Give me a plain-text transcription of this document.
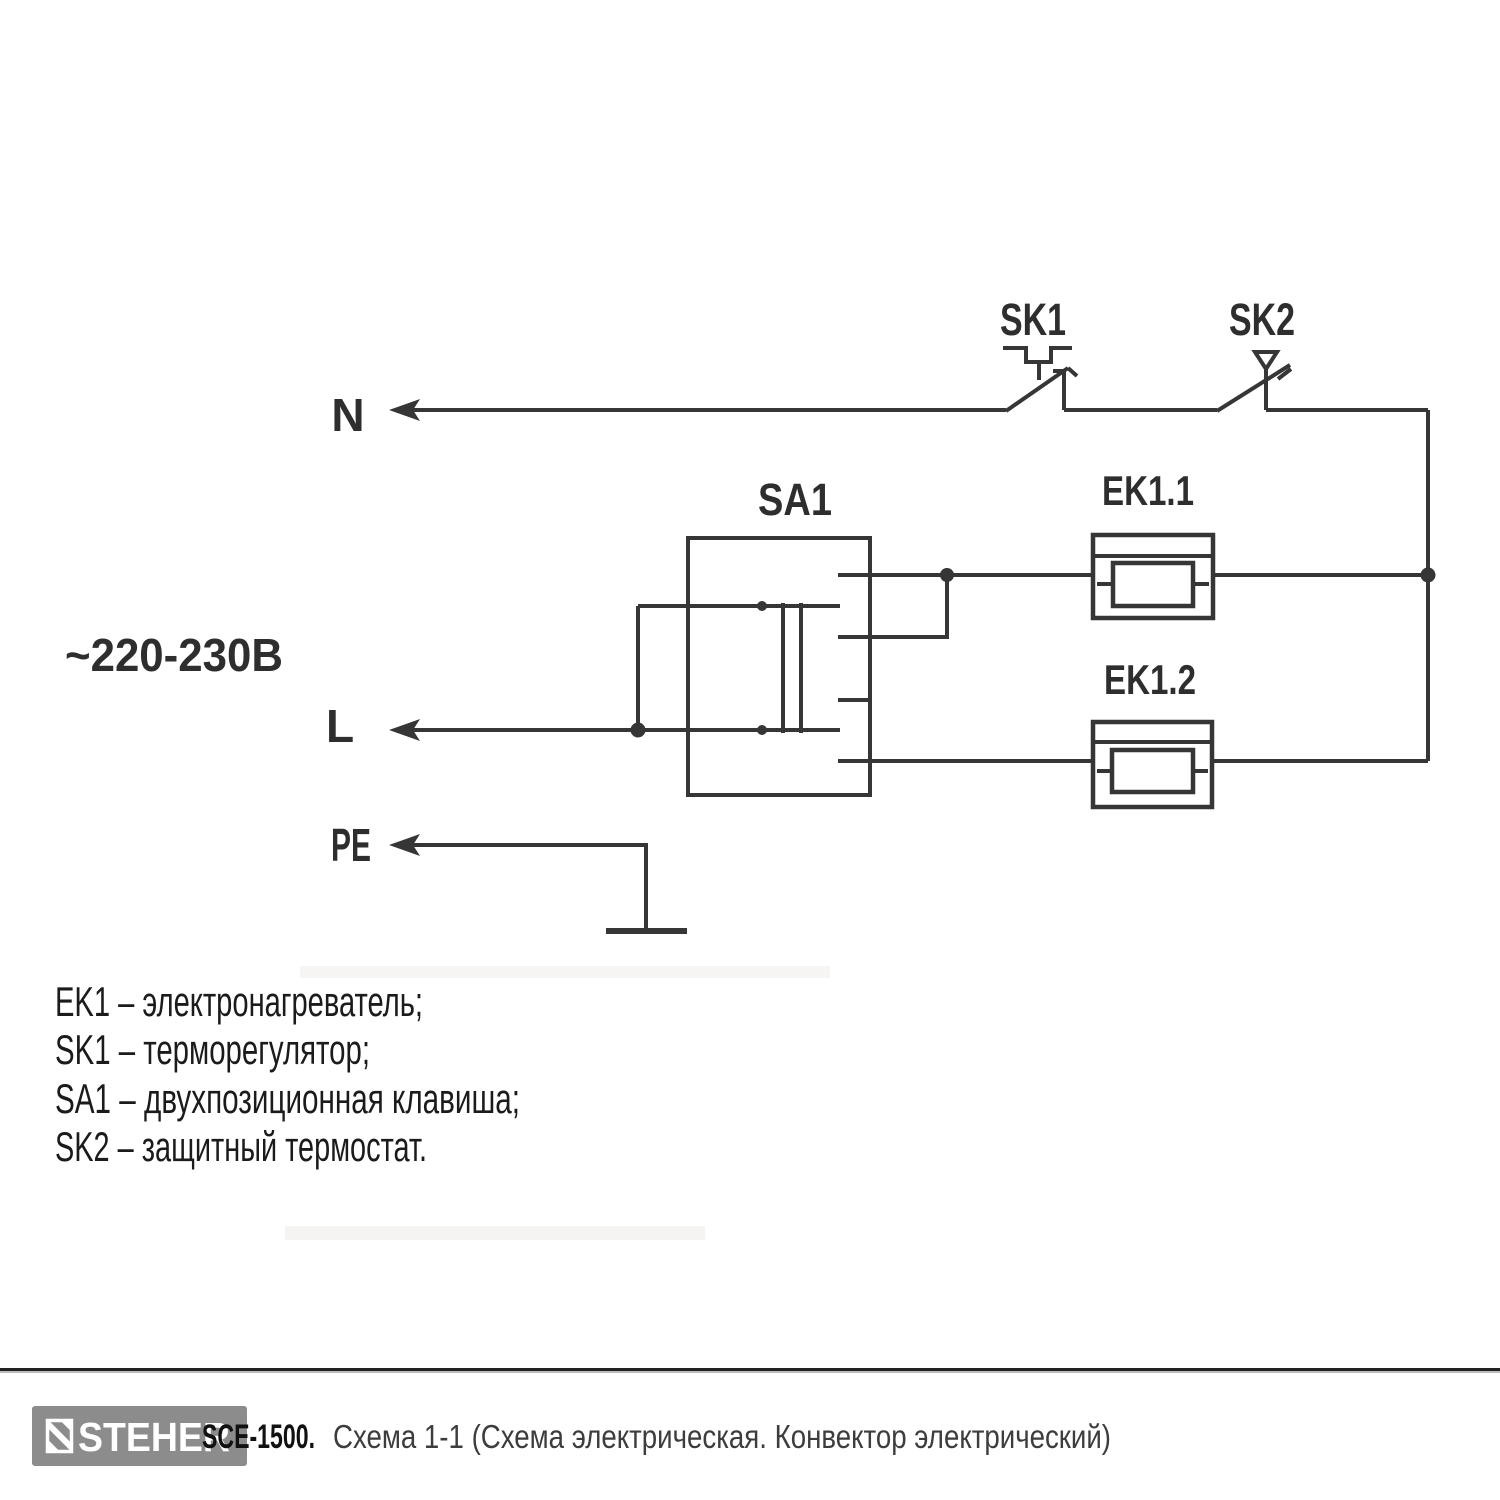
N
L
PE
~220-230В
SK1	SK2
SA1	EK1.1
EK1.2
EK1 – электронагреватель;
SK1 – терморегулятор;
SA1 – двухпозиционная клавиша;
SK2 – защитный термостат.
STEHER
SCE-1500. Схема 1-1 (Схема электрическая. Конвектор электрический)
